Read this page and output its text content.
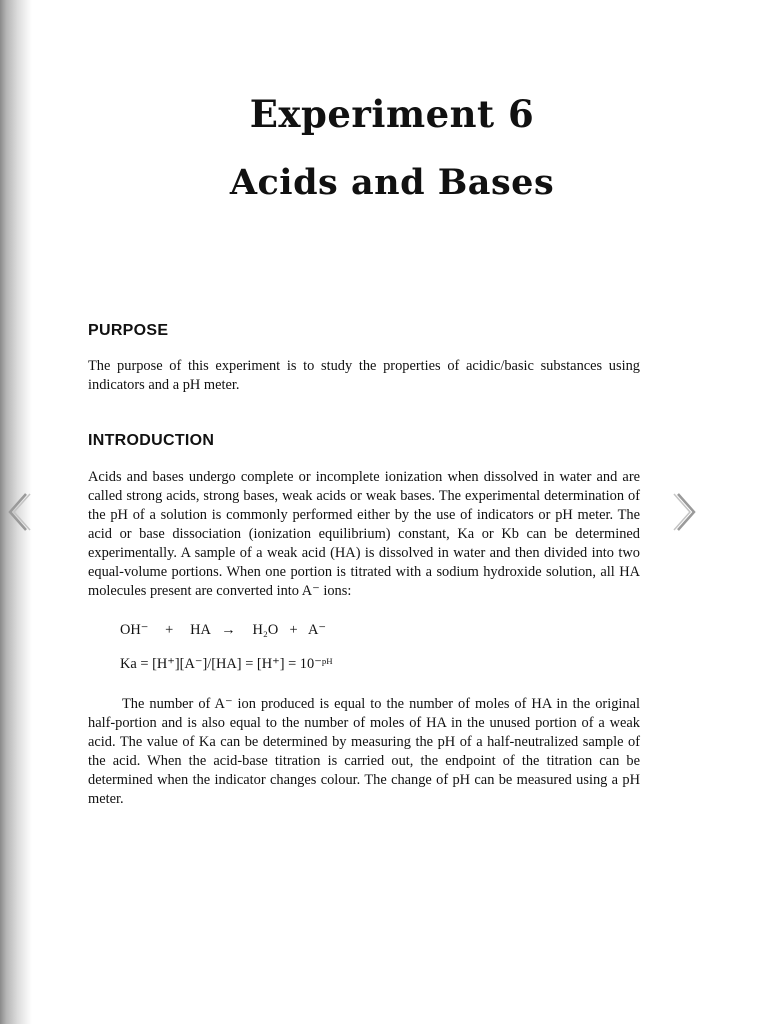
Experiment 6
Acids and Bases
PURPOSE

The purpose of this experiment is to study the properties of acidic/basic substances using indicators and a pH meter.

INTRODUCTION

Acids and bases undergo complete or incomplete ionization when dissolved in water and are called strong acids, strong bases, weak acids or weak bases. The experimental determination of the pH of a solution is commonly performed either by the use of indicators or pH meter. The acid or base dissociation (ionization equilibrium) constant, Ka or Kb can be determined experimentally. A sample of a weak acid (HA) is dissolved in water and then divided into two equal-volume portions. When one portion is titrated with a sodium hydroxide solution, all HA molecules present are converted into A⁻ ions:

OH⁻   +   HA  →   H₂O  +  A⁻

Ka = [H⁺][A⁻]/[HA] = [H⁺] = 10⁻ᵖᴴ

The number of A⁻ ion produced is equal to the number of moles of HA in the original half-portion and is also equal to the number of moles of HA in the unused portion of a weak acid. The value of Ka can be determined by measuring the pH of a half-neutralized sample of the acid. When the acid-base titration is carried out, the endpoint of the titration can be determined when the indicator changes colour. The change of pH can be measured using a pH meter.
